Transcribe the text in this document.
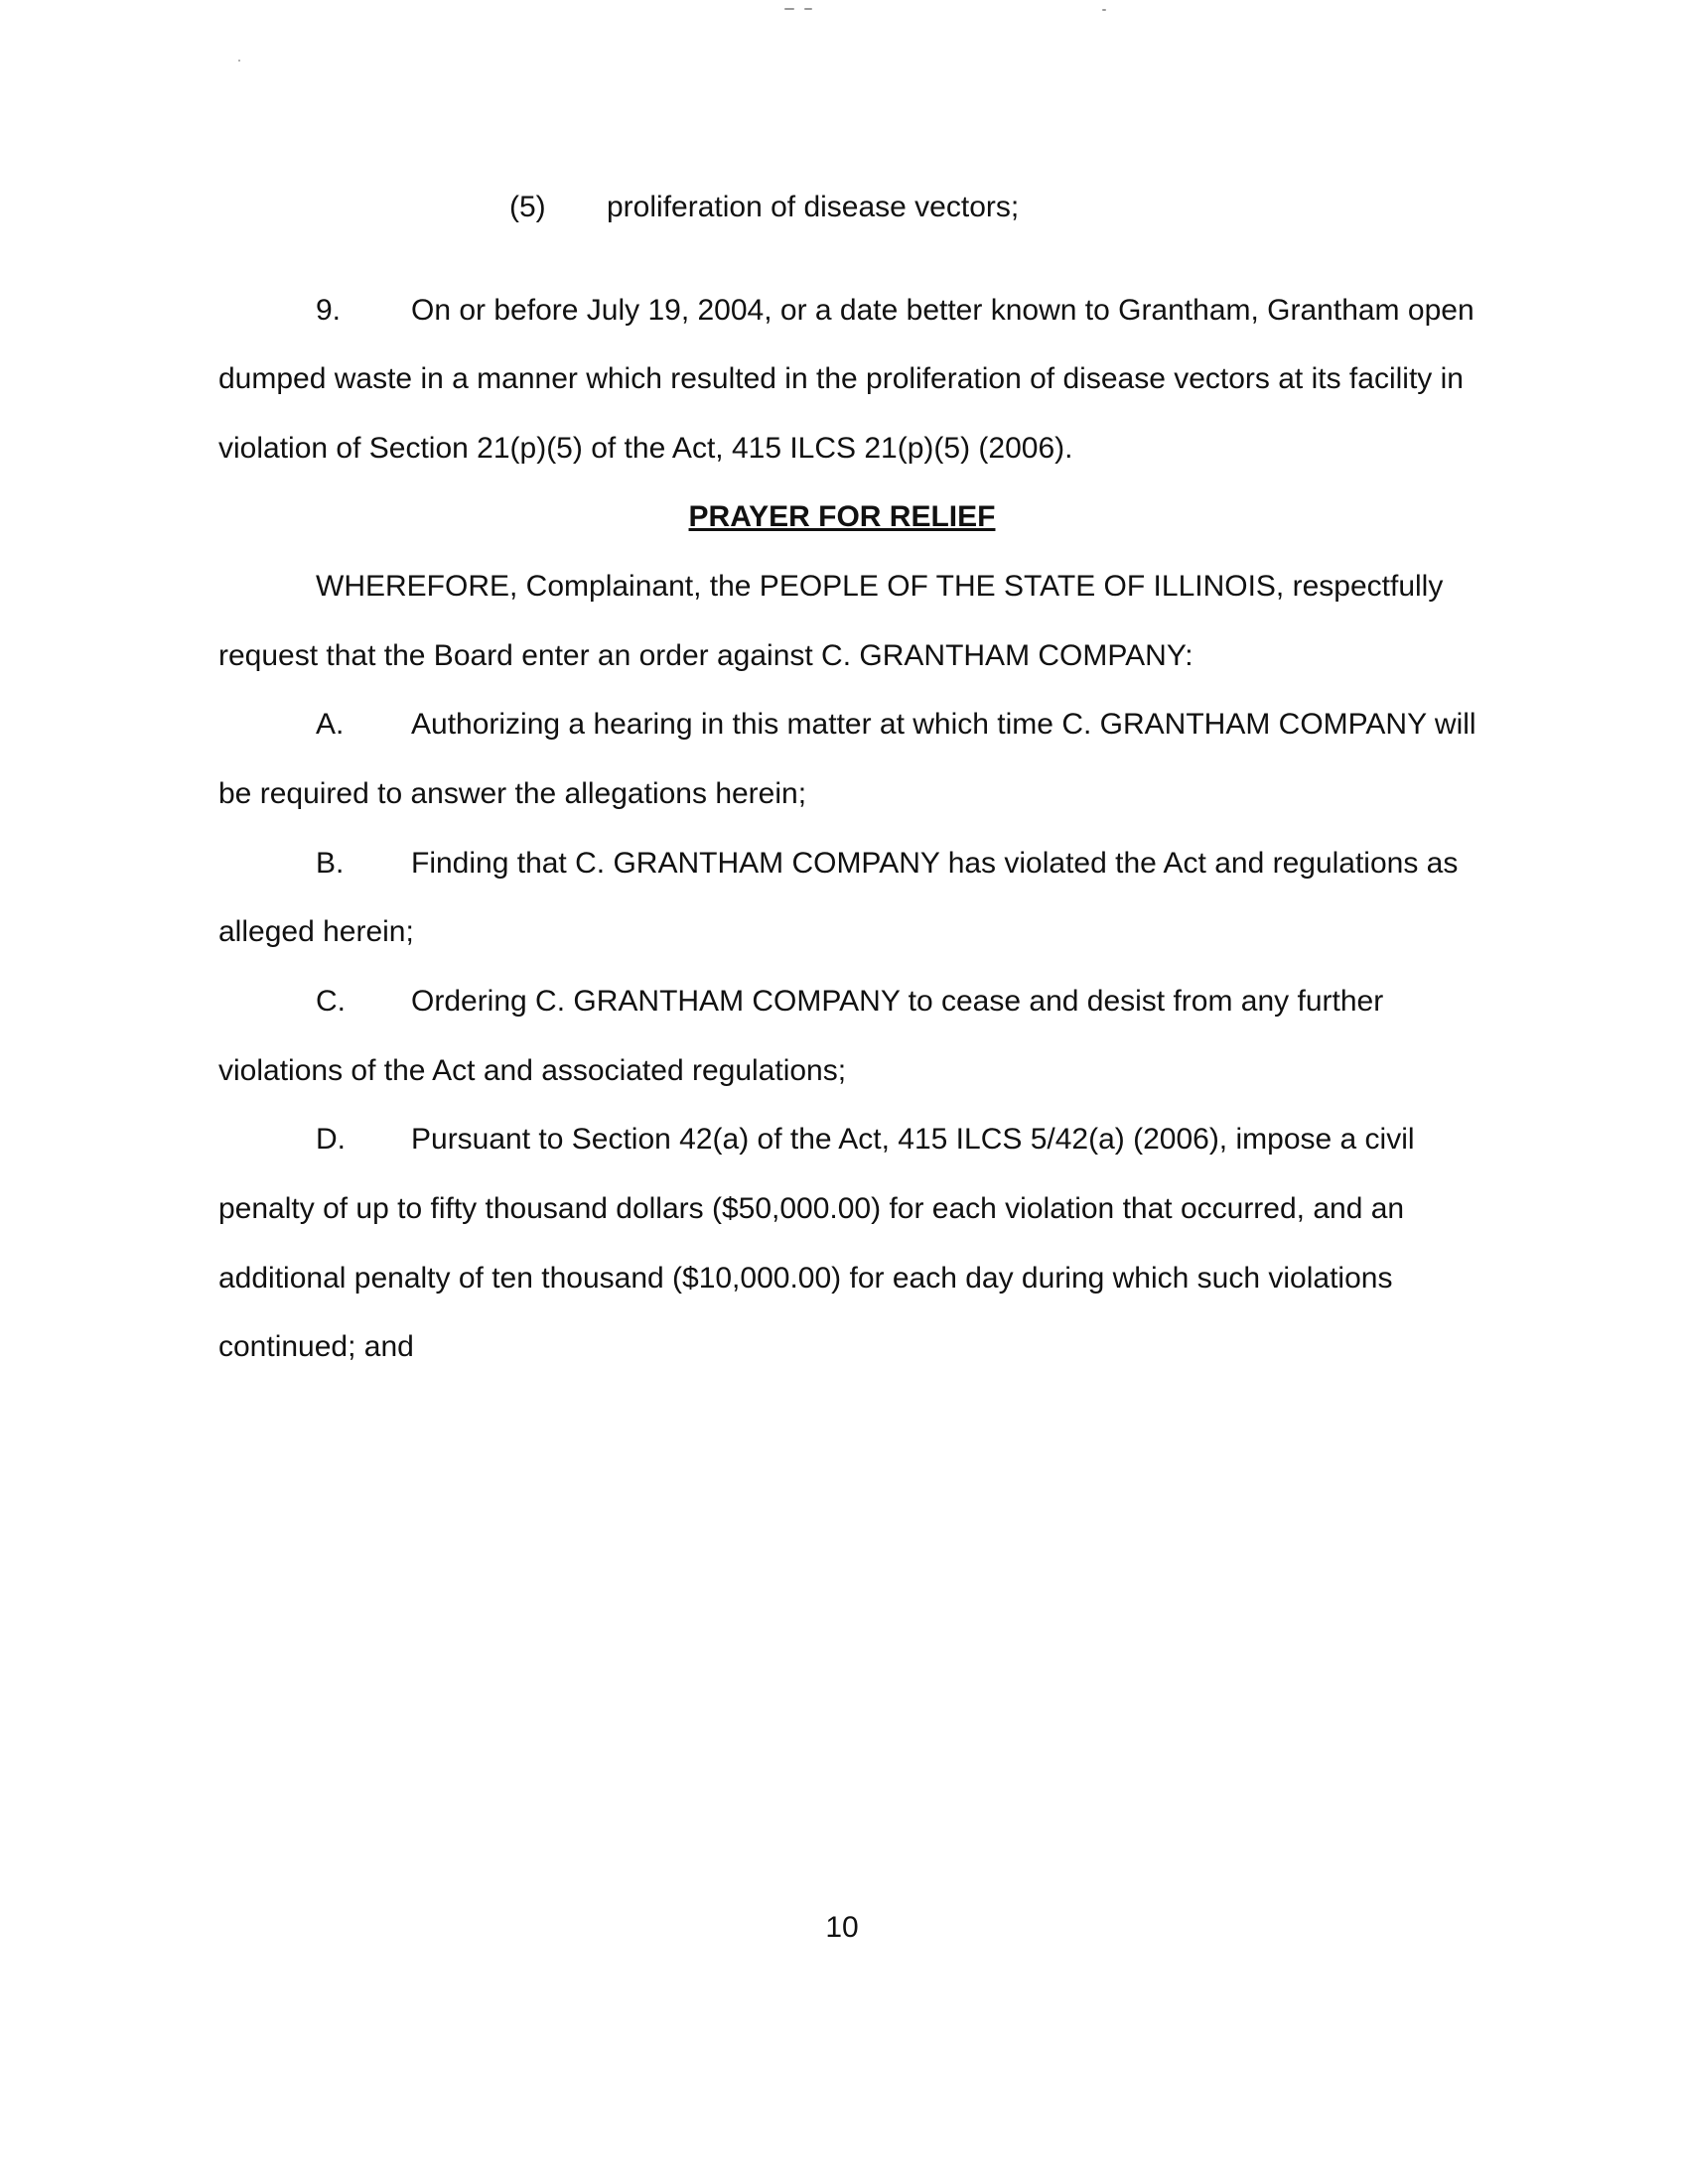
(5) proliferation of disease vectors;
9. On or before July 19, 2004, or a date better known to Grantham, Grantham open
dumped waste in a manner which resulted in the proliferation of disease vectors at its facility in
violation of Section 21(p)(5) of the Act, 415 ILCS 21(p)(5) (2006).
PRAYER FOR RELIEF
WHEREFORE, Complainant, the PEOPLE OF THE STATE OF ILLINOIS, respectfully
request that the Board enter an order against C. GRANTHAM COMPANY:
A. Authorizing a hearing in this matter at which time C. GRANTHAM COMPANY will
be required to answer the allegations herein;
B. Finding that C. GRANTHAM COMPANY has violated the Act and regulations as
alleged herein;
C. Ordering C. GRANTHAM COMPANY to cease and desist from any further
violations of the Act and associated regulations;
D. Pursuant to Section 42(a) of the Act, 415 ILCS 5/42(a) (2006), impose a civil
penalty of up to fifty thousand dollars ($50,000.00) for each violation that occurred, and an
additional penalty of ten thousand ($10,000.00) for each day during which such violations
continued; and
10
